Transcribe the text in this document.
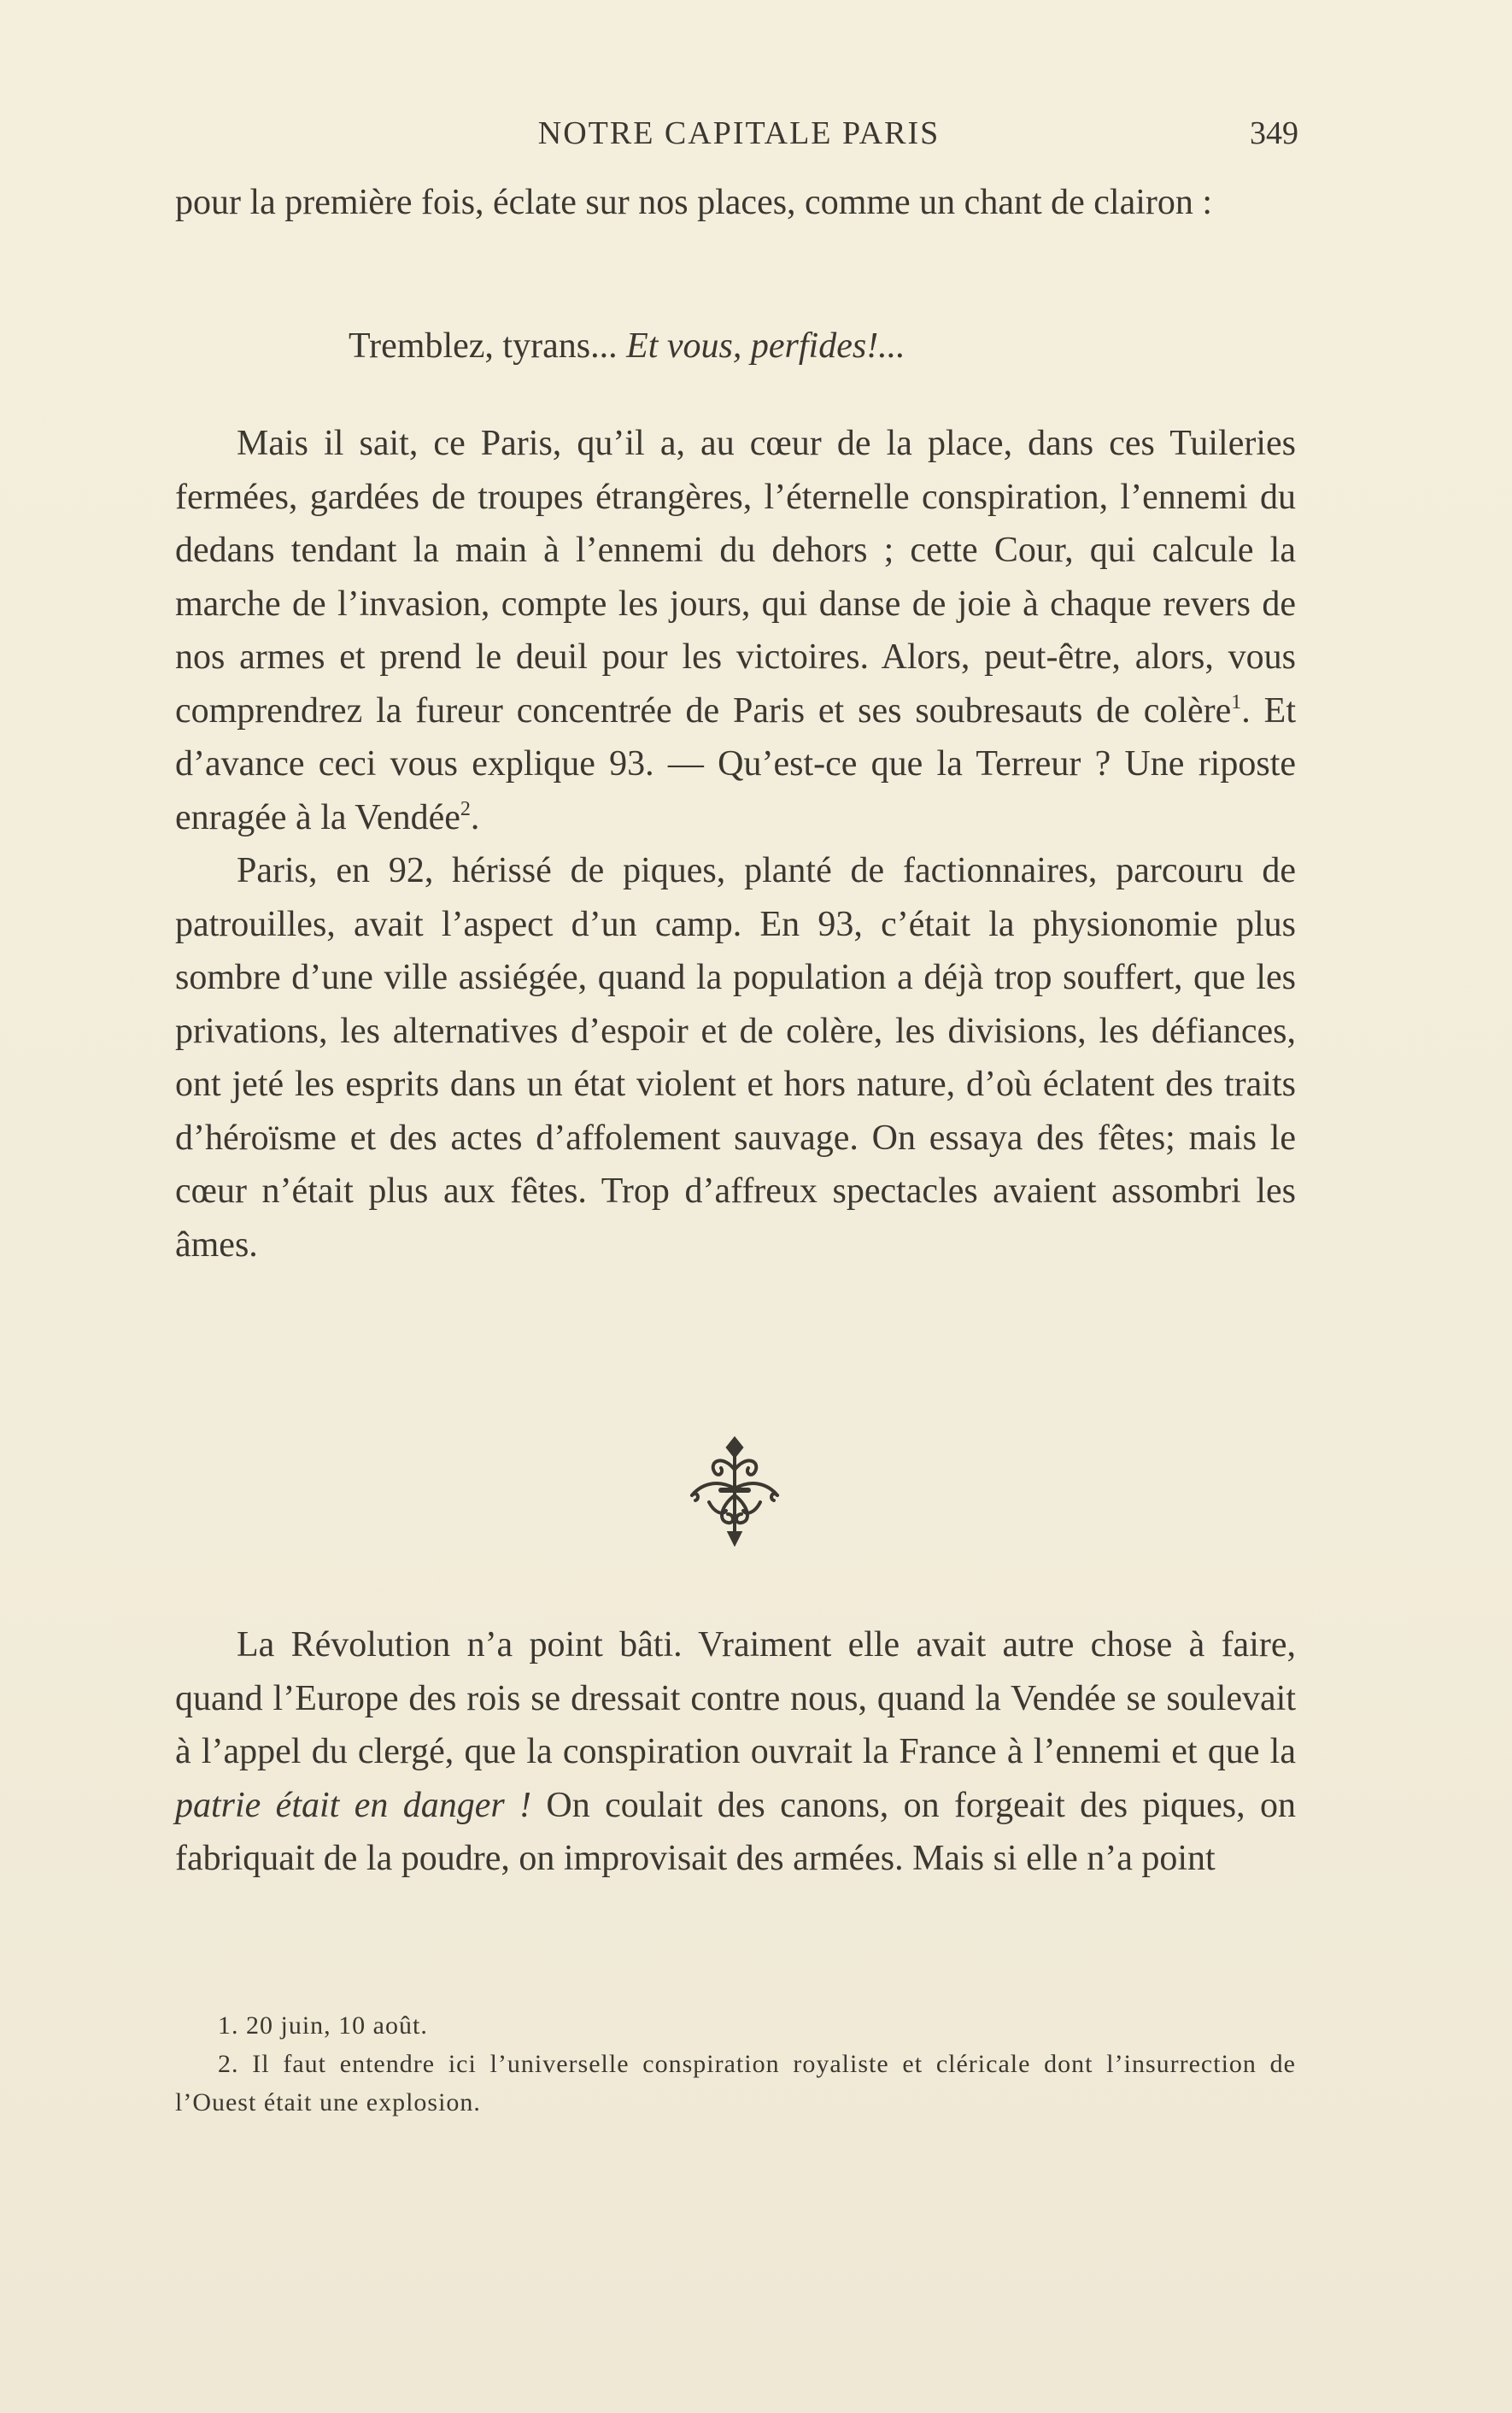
NOTRE CAPITALE PARIS	349

pour la première fois, éclate sur nos places, comme un chant de clairon :

Tremblez, tyrans... Et vous, perfides!...

Mais il sait, ce Paris, qu’il a, au cœur de la place, dans ces Tuileries fermées, gardées de troupes étrangères, l’éternelle conspiration, l’ennemi du dedans tendant la main à l’ennemi du dehors ; cette Cour, qui calcule la marche de l’invasion, compte les jours, qui danse de joie à chaque revers de nos armes et prend le deuil pour les victoires. Alors, peut-être, alors, vous comprendrez la fureur concentrée de Paris et ses soubresauts de colère$^1$. Et d’avance ceci vous explique 93. — Qu’est-ce que la Terreur ? Une riposte enragée à la Vendée$^2$.

Paris, en 92, hérissé de piques, planté de factionnaires, parcouru de patrouilles, avait l’aspect d’un camp. En 93, c’était la physionomie plus sombre d’une ville assiégée, quand la population a déjà trop souffert, que les privations, les alternatives d’espoir et de colère, les divisions, les défiances, ont jeté les esprits dans un état violent et hors nature, d’où éclatent des traits d’héroïsme et des actes d’affolement sauvage. On essaya des fêtes; mais le cœur n’était plus aux fêtes. Trop d’affreux spectacles avaient assombri les âmes.

La Révolution n’a point bâti. Vraiment elle avait autre chose à faire, quand l’Europe des rois se dressait contre nous, quand la Vendée se soulevait à l’appel du clergé, que la conspiration ouvrait la France à l’ennemi et que la patrie était en danger ! On coulait des canons, on forgeait des piques, on fabriquait de la poudre, on improvisait des armées. Mais si elle n’a point

1. 20 juin, 10 août.

2. Il faut entendre ici l’universelle conspiration royaliste et cléricale dont l’insurrection de l’Ouest était une explosion.
